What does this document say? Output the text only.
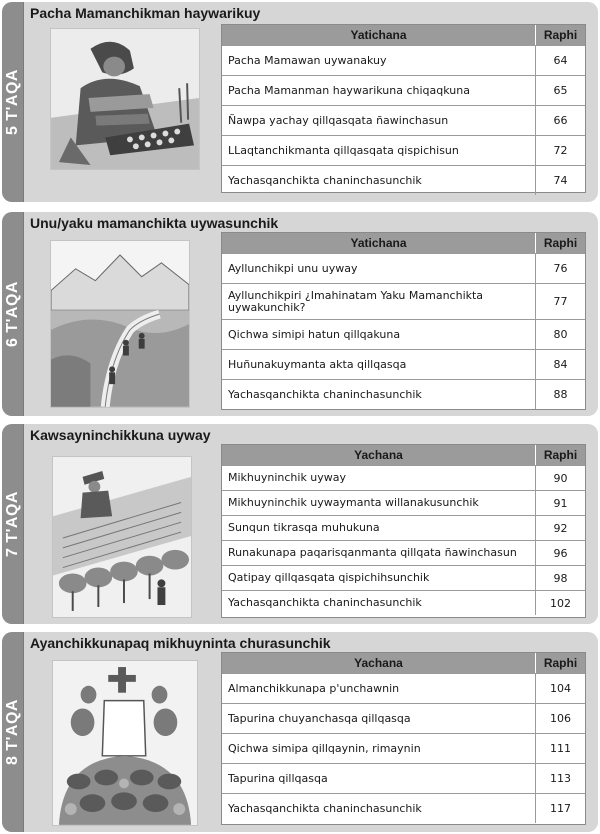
5 T'AQA
Pacha Mamanchikman haywarikuy
Yatichana	Raphi
Pacha Mamawan uywanakuy	64
Pacha Mamanman haywarikuna chiqaqkuna	65
Ñawpa yachay qillqasqata ñawinchasun	66
LLaqtanchikmanta qillqasqata qispichisun	72
Yachasqanchikta chaninchasunchik	74
6 T'AQA
Unu/yaku mamanchikta uywasunchik
Yatichana	Raphi
Ayllunchikpi unu uyway	76
Ayllunchikpiri ¿Imahinatam Yaku Mamanchikta uywakunchik?	77
Qichwa simipi hatun qillqakuna	80
Huñunakuymanta akta qillqasqa	84
Yachasqanchikta chaninchasunchik	88
7 T'AQA
Kawsayninchikkuna uyway
Yachana	Raphi
Mikhuyninchik uyway	90
Mikhuyninchik uywaymanta willanakusunchik	91
Sunqun tikrasqa muhukuna	92
Runakunapa paqarisqanmanta qillqata ñawinchasun	96
Qatipay qillqasqata qispichihsunchik	98
Yachasqanchikta chaninchasunchik	102
8 T'AQA
Ayanchikkunapaq mikhuyninta churasunchik
Yachana	Raphi
Almanchikkunapa p'unchawnin	104
Tapurina chuyanchasqa qillqasqa	106
Qichwa simipa qillqaynin, rimaynin	111
Tapurina qillqasqa	113
Yachasqanchikta chaninchasunchik	117
